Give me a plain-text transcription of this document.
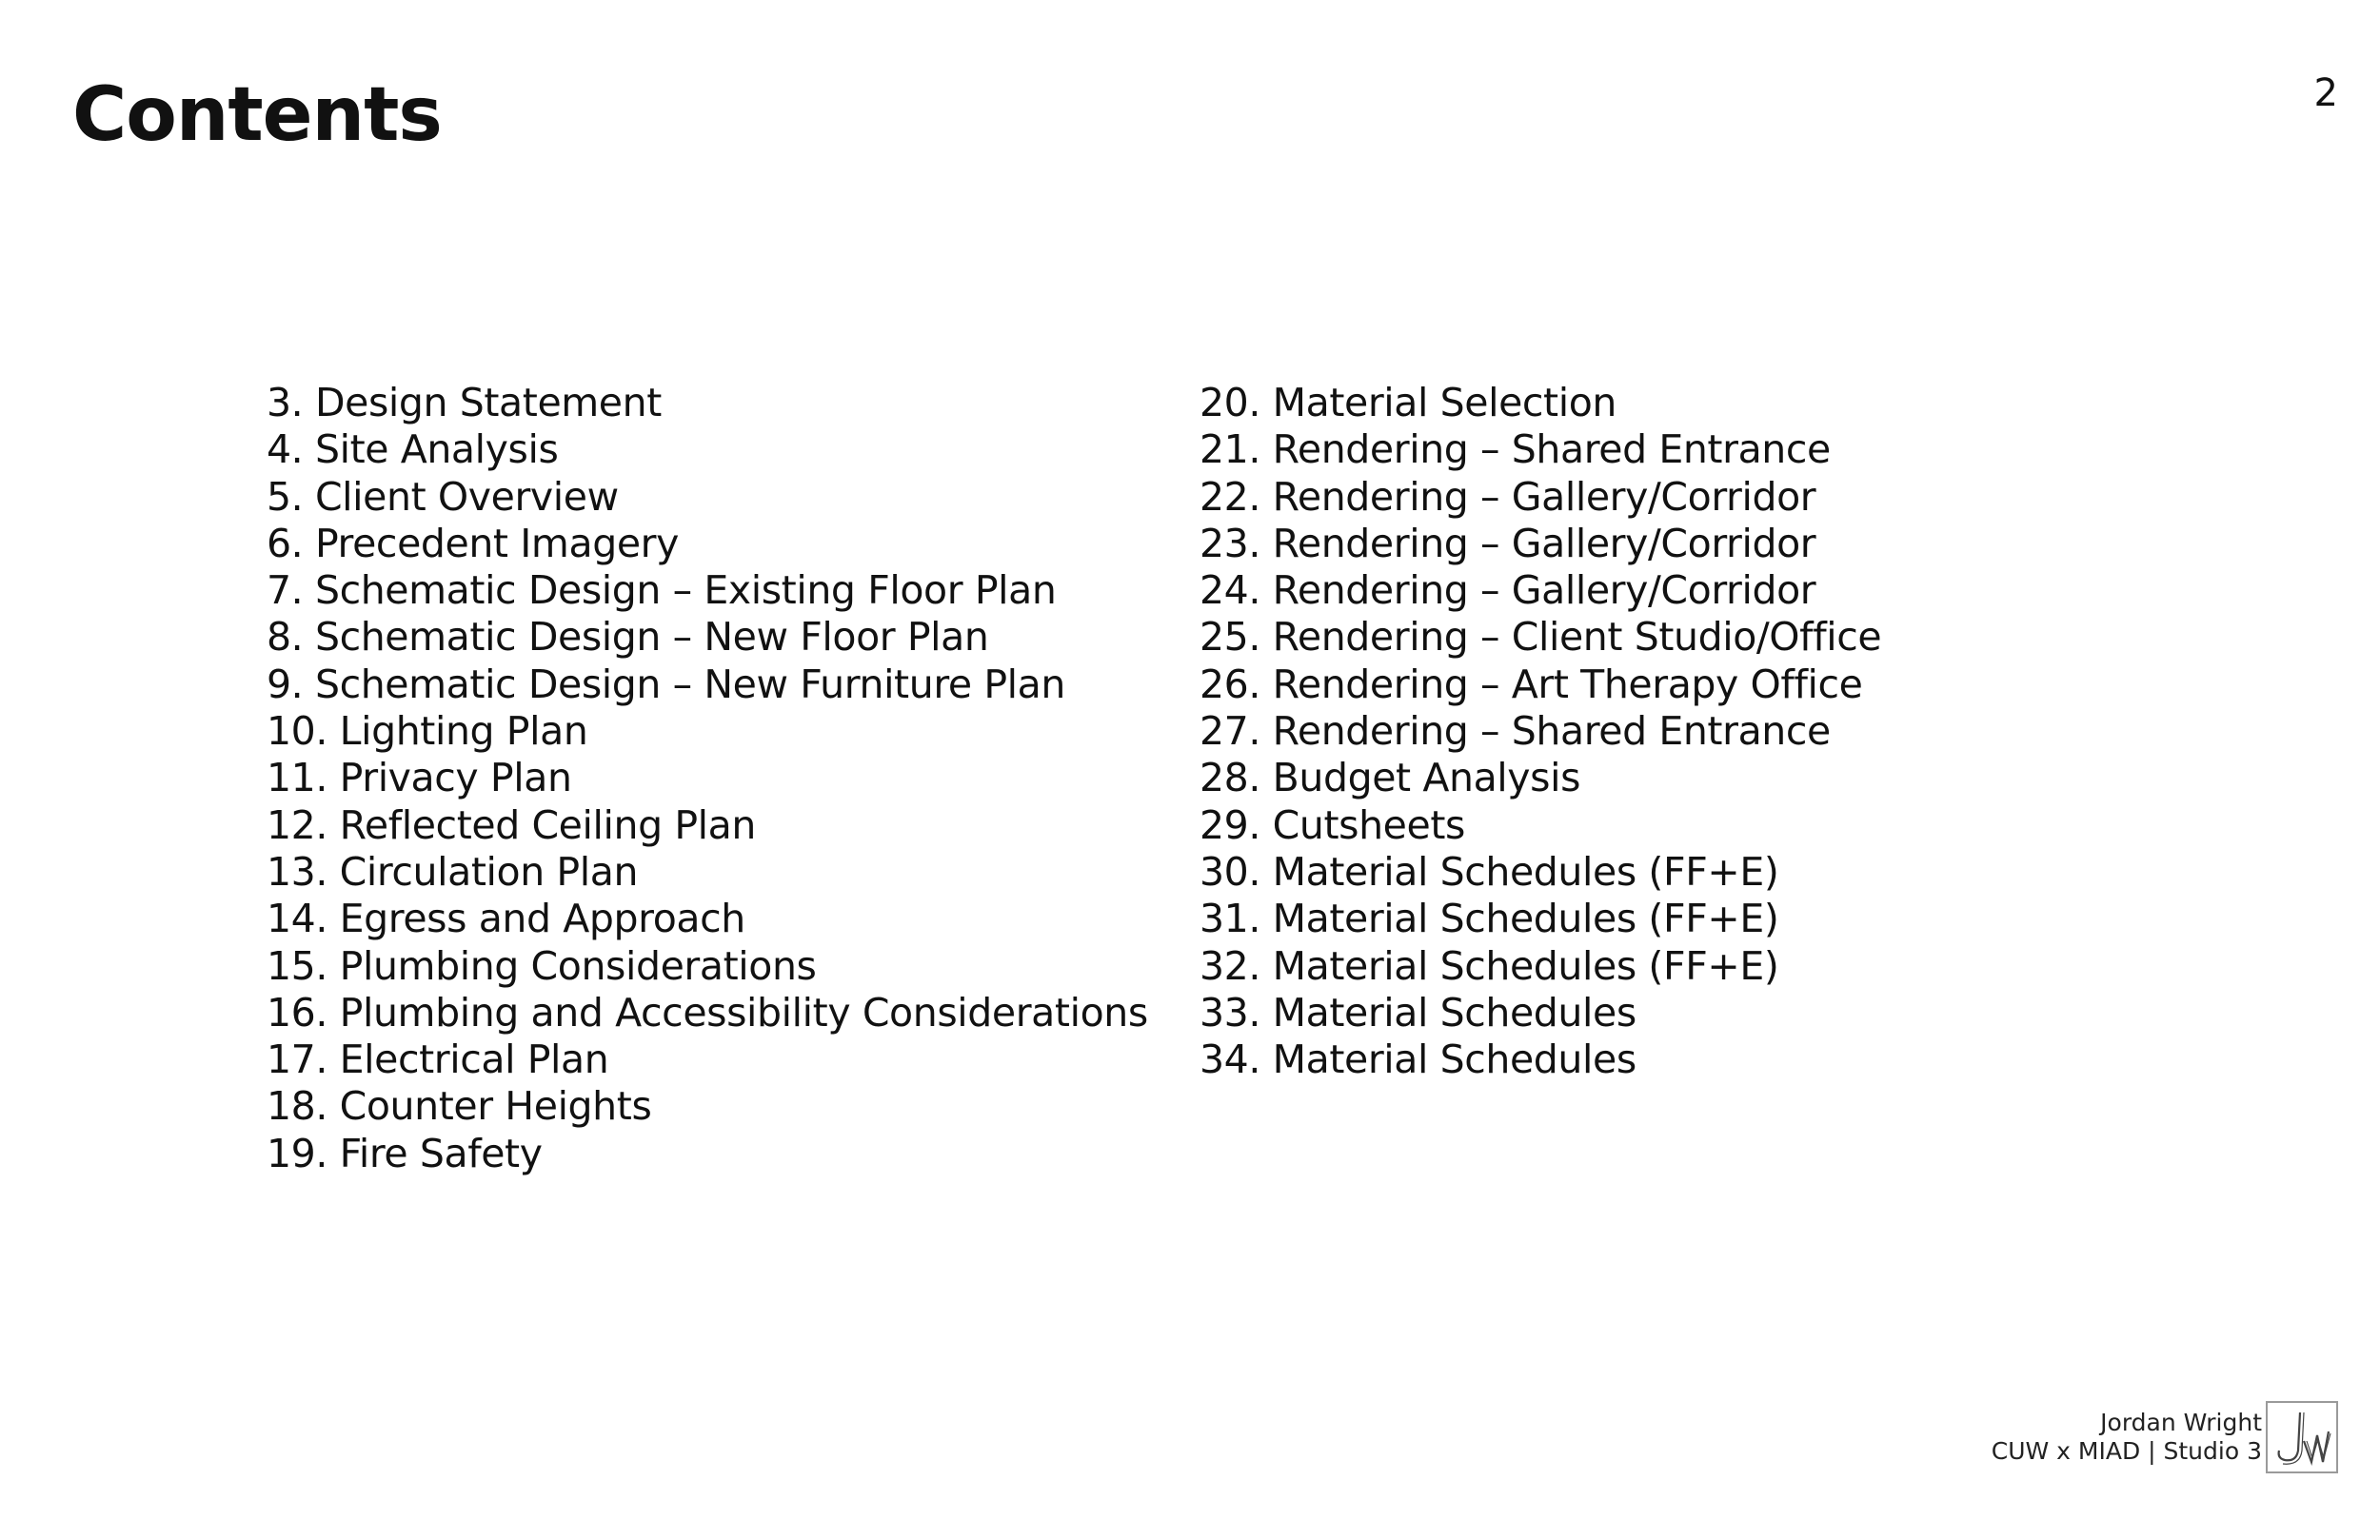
Contents	2
3. Design Statement
4. Site Analysis
5. Client Overview
6. Precedent Imagery
7. Schematic Design – Existing Floor Plan
8. Schematic Design – New Floor Plan
9. Schematic Design – New Furniture Plan
10. Lighting Plan
11. Privacy Plan
12. Reflected Ceiling Plan
13. Circulation Plan
14. Egress and Approach
15. Plumbing Considerations
16. Plumbing and Accessibility Considerations
17. Electrical Plan
18. Counter Heights
19. Fire Safety
20. Material Selection
21. Rendering – Shared Entrance
22. Rendering – Gallery/Corridor
23. Rendering – Gallery/Corridor
24. Rendering – Gallery/Corridor
25. Rendering – Client Studio/Office
26. Rendering – Art Therapy Office
27. Rendering – Shared Entrance
28. Budget Analysis
29. Cutsheets
30. Material Schedules (FF+E)
31. Material Schedules (FF+E)
32. Material Schedules (FF+E)
33. Material Schedules
34. Material Schedules
Jordan Wright
CUW x MIAD | Studio 3
